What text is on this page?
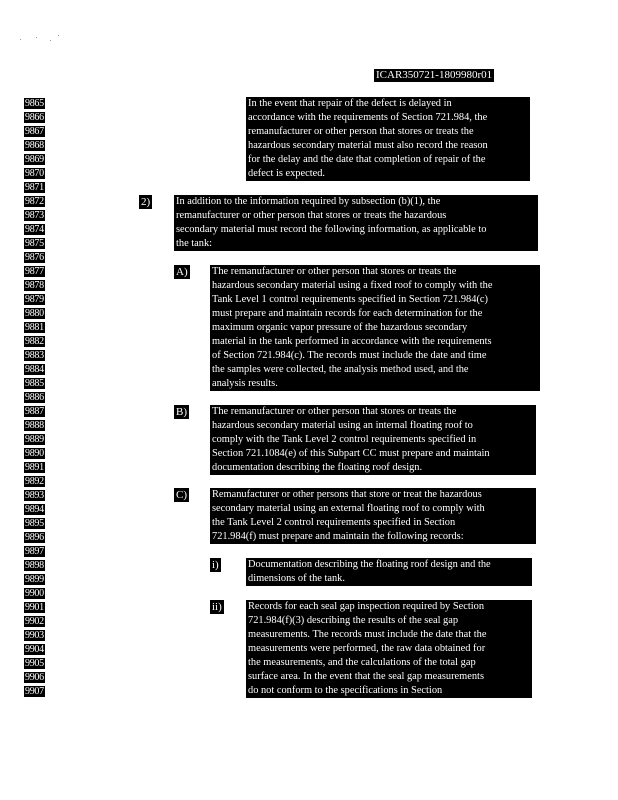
ICAR350721-1809980r01
9865
9866
9867
9868
9869
9870
9871
9872
9873
9874
9875
9876
9877
9878
9879
9880
9881
9882
9883
9884
9885
9886
9887
9888
9889
9890
9891
9892
9893
9894
9895
9896
9897
9898
9899
9900
9901
9902
9903
9904
9905
9906
9907
In the event that repair of the defect is delayed in
accordance with the requirements of Section 721.984, the
remanufacturer or other person that stores or treats the
hazardous secondary material must also record the reason
for the delay and the date that completion of repair of the
defect is expected.
2) In addition to the information required by subsection (b)(1), the
remanufacturer or other person that stores or treats the hazardous
secondary material must record the following information, as applicable to
the tank:
A) The remanufacturer or other person that stores or treats the
hazardous secondary material using a fixed roof to comply with the
Tank Level 1 control requirements specified in Section 721.984(c)
must prepare and maintain records for each determination for the
maximum organic vapor pressure of the hazardous secondary
material in the tank performed in accordance with the requirements
of Section 721.984(c). The records must include the date and time
the samples were collected, the analysis method used, and the
analysis results.
B) The remanufacturer or other person that stores or treats the
hazardous secondary material using an internal floating roof to
comply with the Tank Level 2 control requirements specified in
Section 721.1084(e) of this Subpart CC must prepare and maintain
documentation describing the floating roof design.
C) Remanufacturer or other persons that store or treat the hazardous
secondary material using an external floating roof to comply with
the Tank Level 2 control requirements specified in Section
721.984(f) must prepare and maintain the following records:
i)	Documentation describing the floating roof design and the
dimensions of the tank.
ii)	Records for each seal gap inspection required by Section
721.984(f)(3) describing the results of the seal gap
measurements. The records must include the date that the
measurements were performed, the raw data obtained for
the measurements, and the calculations of the total gap
surface area. In the event that the seal gap measurements
do not conform to the specifications in Section
